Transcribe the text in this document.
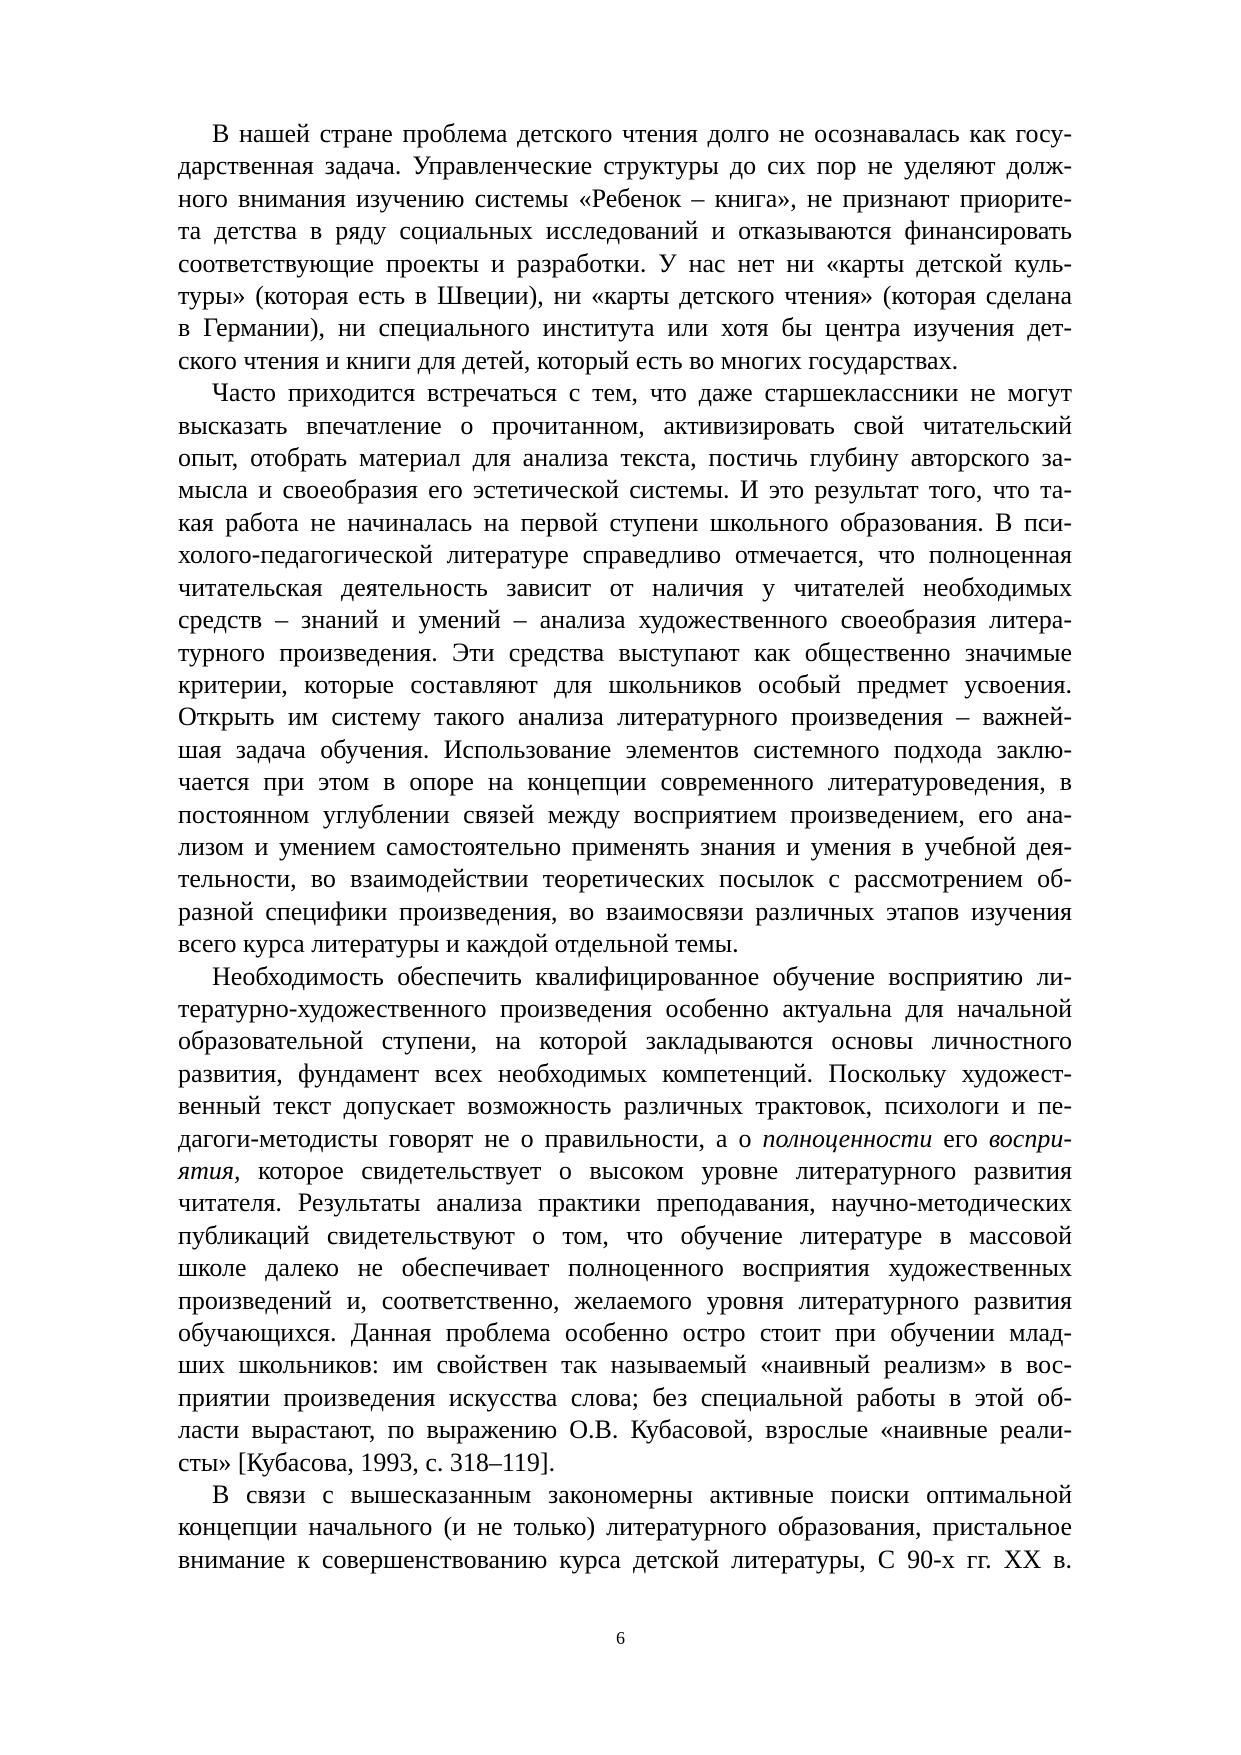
В нашей стране проблема детского чтения долго не осознавалась как госу-
дарственная задача. Управленческие структуры до сих пор не уделяют долж-
ного внимания изучению системы «Ребенок – книга», не признают приорите-
та детства в ряду социальных исследований и отказываются финансировать
соответствующие проекты и разработки. У нас нет ни «карты детской куль-
туры» (которая есть в Швеции), ни «карты детского чтения» (которая сделана
в Германии), ни специального института или хотя бы центра изучения дет-
ского чтения и книги для детей, который есть во многих государствах.
Часто приходится встречаться с тем, что даже старшеклассники не могут
высказать впечатление о прочитанном, активизировать свой читательский
опыт, отобрать материал для анализа текста, постичь глубину авторского за-
мысла и своеобразия его эстетической системы. И это результат того, что та-
кая работа не начиналась на первой ступени школьного образования. В пси-
холого-педагогической литературе справедливо отмечается, что полноценная
читательская деятельность зависит от наличия у читателей необходимых
средств – знаний и умений – анализа художественного своеобразия литера-
турного произведения. Эти средства выступают как общественно значимые
критерии, которые составляют для школьников особый предмет усвоения.
Открыть им систему такого анализа литературного произведения – важней-
шая задача обучения. Использование элементов системного подхода заклю-
чается при этом в опоре на концепции современного литературоведения, в
постоянном углублении связей между восприятием произведением, его ана-
лизом и умением самостоятельно применять знания и умения в учебной дея-
тельности, во взаимодействии теоретических посылок с рассмотрением об-
разной специфики произведения, во взаимосвязи различных этапов изучения
всего курса литературы и каждой отдельной темы.
Необходимость обеспечить квалифицированное обучение восприятию ли-
тературно-художественного произведения особенно актуальна для начальной
образовательной ступени, на которой закладываются основы личностного
развития, фундамент всех необходимых компетенций. Поскольку художест-
венный текст допускает возможность различных трактовок, психологи и пе-
дагоги-методисты говорят не о правильности, а о полноценности его воспри-
ятия, которое свидетельствует о высоком уровне литературного развития
читателя. Результаты анализа практики преподавания, научно-методических
публикаций свидетельствуют о том, что обучение литературе в массовой
школе далеко не обеспечивает полноценного восприятия художественных
произведений и, соответственно, желаемого уровня литературного развития
обучающихся. Данная проблема особенно остро стоит при обучении млад-
ших школьников: им свойствен так называемый «наивный реализм» в вос-
приятии произведения искусства слова; без специальной работы в этой об-
ласти вырастают, по выражению О.В. Кубасовой, взрослые «наивные реали-
сты» [Кубасова, 1993, с. 318–119].
В связи с вышесказанным закономерны активные поиски оптимальной
концепции начального (и не только) литературного образования, пристальное
внимание к совершенствованию курса детской литературы, С 90-х гг. XX в.
6
